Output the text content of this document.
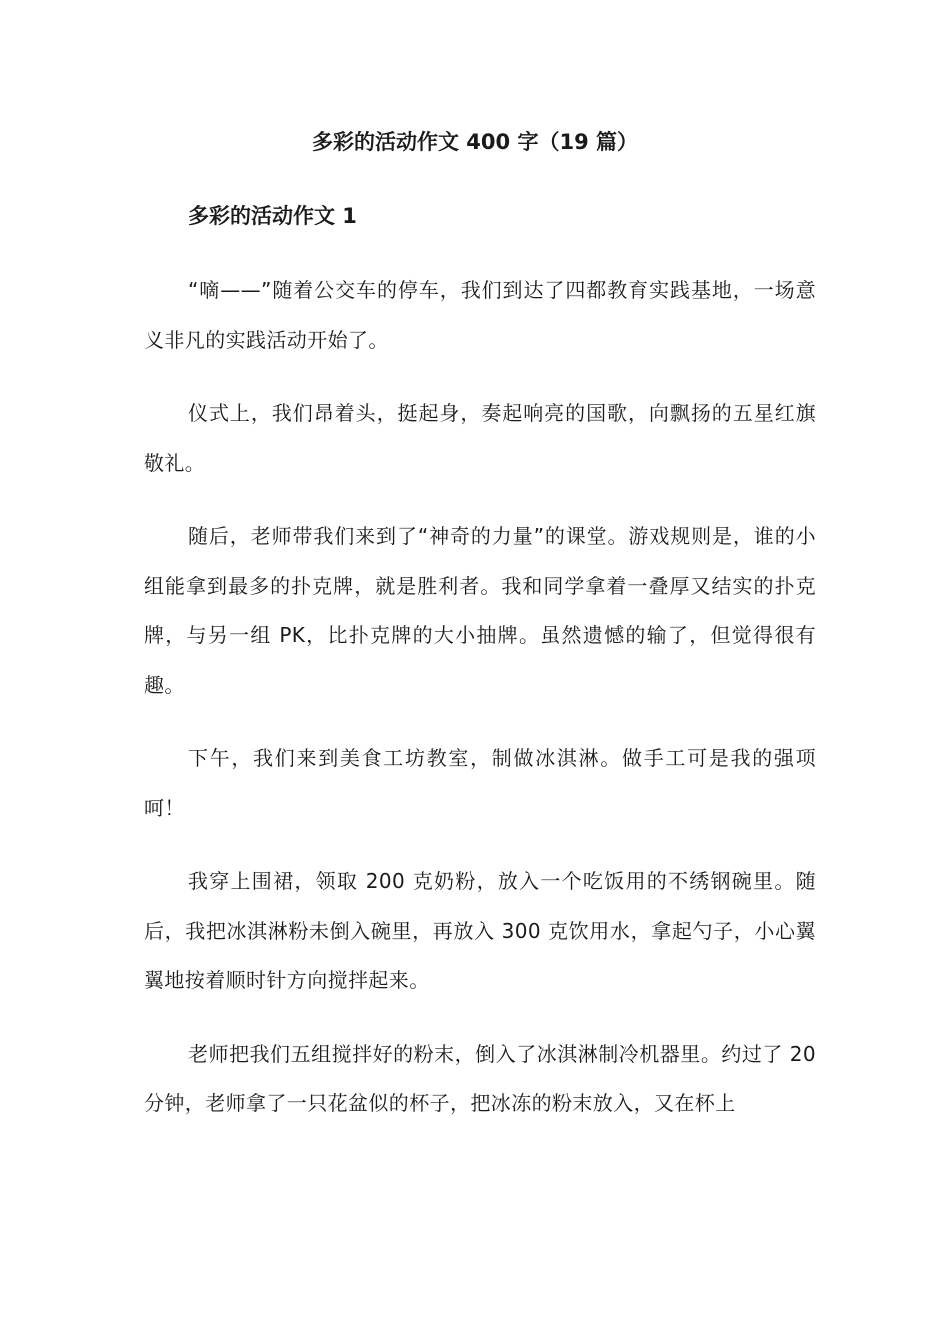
多彩的活动作文 400 字（19 篇）
多彩的活动作文 1

“嘀——”随着公交车的停车，我们到达了四都教育实践基地，一场意义非凡的实践活动开始了。

仪式上，我们昂着头，挺起身，奏起响亮的国歌，向飘扬的五星红旗敬礼。

随后，老师带我们来到了“神奇的力量”的课堂。游戏规则是，谁的小组能拿到最多的扑克牌，就是胜利者。我和同学拿着一叠厚又结实的扑克牌，与另一组 PK，比扑克牌的大小抽牌。虽然遗憾的输了，但觉得很有趣。

下午，我们来到美食工坊教室，制做冰淇淋。做手工可是我的强项呵！

我穿上围裙，领取 200 克奶粉，放入一个吃饭用的不绣钢碗里。随后，我把冰淇淋粉未倒入碗里，再放入 300 克饮用水，拿起勺子，小心翼翼地按着顺时针方向搅拌起来。

老师把我们五组搅拌好的粉末，倒入了冰淇淋制冷机器里。约过了 20 分钟，老师拿了一只花盆似的杯子，把冰冻的粉末放入，又在杯上
